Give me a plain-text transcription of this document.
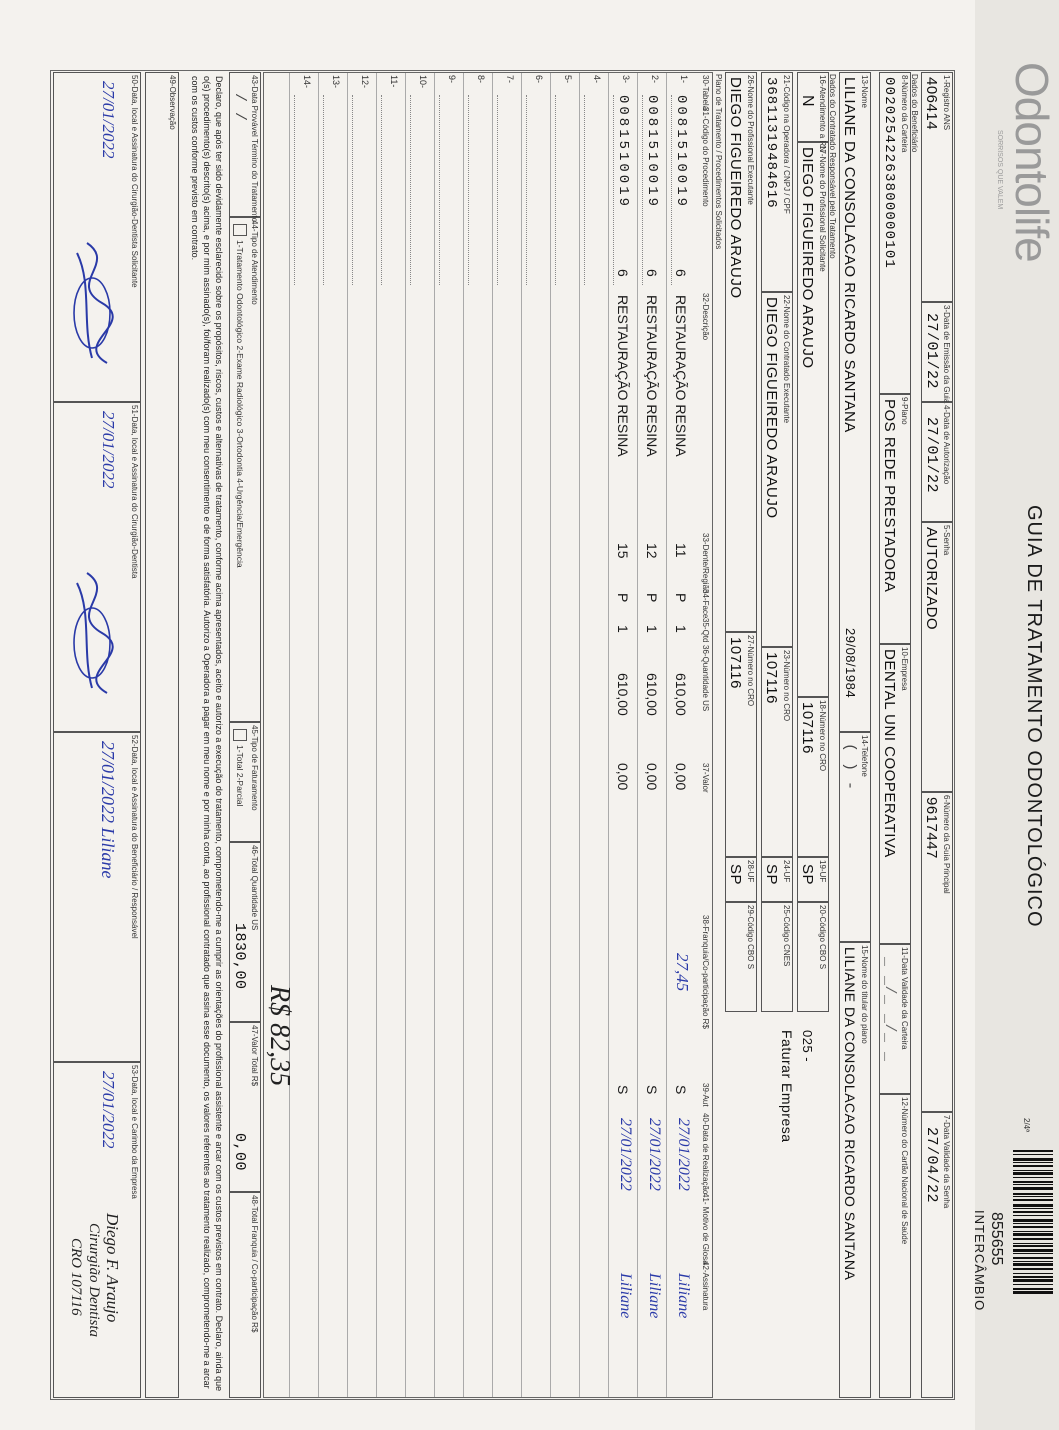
Odontolife
SORRISOS QUE VALEM
GUIA DE TRATAMENTO ODONTOLÓGICO
2/4ª
855655
INTERCÂMBIO
1-Registro ANS
406414
3-Data de Emissão da Guia
27/01/22
4-Data de Autorização
27/01/22
5-Senha
AUTORIZADO
6-Número da Guia Principal
9617447
7-Data Validade da Senha
27/04/22
Dados do Beneficiário
8-Número da Carteira
00202542263800000101
9-Plano
POS REDE PRESTADORA
10-Empresa
DENTAL UNI COOPERATIVA
11-Data Validade da Carteira
_ _/_ _/_ _
12-Número do Cartão Nacional de Saúde
13-Nome
LILIANE DA CONSOLACAO RICARDO SANTANA
29/08/1984
14-Telefone
( ) -
15-Nome do titular do plano
LILIANE DA CONSOLACAO RICARDO SANTANA
Dados do Contratado Responsável pelo Tratamento
16-Atendimento a RN
N
17-Nome do Profissional Solicitante
DIEGO FIGUEIREDO ARAUJO
18-Número no CRO
107116
19-UF
SP
20-Código CBO S
025 -
Faturar Empresa
21-Código na Operadora / CNPJ / CPF
36811319484616
22-Nome do Contratado Executante
DIEGO FIGUEIREDO ARAUJO
23-Número no CRO
107116
24-UF
SP
25-Código CNES
26-Nome do Profissional Executante
DIEGO FIGUEIREDO ARAUJO
27-Número no CRO
107116
28-UF
SP
29-Código CBO S
Plano de Tratamento / Procedimentos Solicitados
30-Tabela
31-Código do Procedimento
32-Descrição
33-Dente/Região
34-Face
35-Qtd
36-Quantidade US
37-Valor
38-Franquia/Co-participação R$
39-Aut
40-Data de Realização
41- Motivo de Glosa
42-Assinatura
1-
0081510019
6
RESTAURAÇÃO RESINA
11
P
1
610,00
0,00
27,45
S
27/01/2022
Liliane
2-
0081510019
6
RESTAURAÇÃO RESINA
12
P
1
610,00
0,00
S
27/01/2022
Liliane
3-
0081510019
6
RESTAURAÇÃO RESINA
15
P
1
610,00
0,00
S
27/01/2022
Liliane
4-
5-
6-
7-
8-
9-
10-
11-
12-
13-
14-
43-Data Provável Término do Tratamento
/ /
44-Tipo de Atendimento
1-Tratamento Odontológico 2-Exame Radiológico 3-Ortodontia 4-Urgência/Emergência
45-Tipo de Faturamento
1-Total 2-Parcial
46-Total Quantidade US
1830,00
47-Valor Total R$
0,00
48-Total Franquia / Co-participação R$
R$ 82,35
Declaro, que após ter sido devidamente esclarecido sobre os propósitos, riscos, custos e alternativas de tratamento, conforme acima apresentados, aceito e autorizo a execução do tratamento, comprometendo-me a cumprir as orientações do profissional assistente e arcar com os custos previstos em contrato. Declaro, ainda que o(s) procedimento(s) descrito(s) acima, e por mim assinado(s), foi/foram realizado(s) com meu consentimento e de forma satisfatória. Autorizo a Operadora a pagar em meu nome e por minha conta, ao profissional contratado que assina esse documento, os valores referentes ao tratamento realizado, comprometendo-me a arcar com os custos conforme previsto em contrato.
49-Observação
50-Data, local e Assinatura do Cirurgião-Dentista Solicitante
27/01/2022
51-Data, local e Assinatura do Cirurgião-Dentista
27/01/2022
52-Data, local e Assinatura do Beneficiário / Responsável
27/01/2022 Liliane
53-Data, local e Carimbo da Empresa
27/01/2022
Diego F. Araujo
Cirurgião Dentista
CRO 107116
